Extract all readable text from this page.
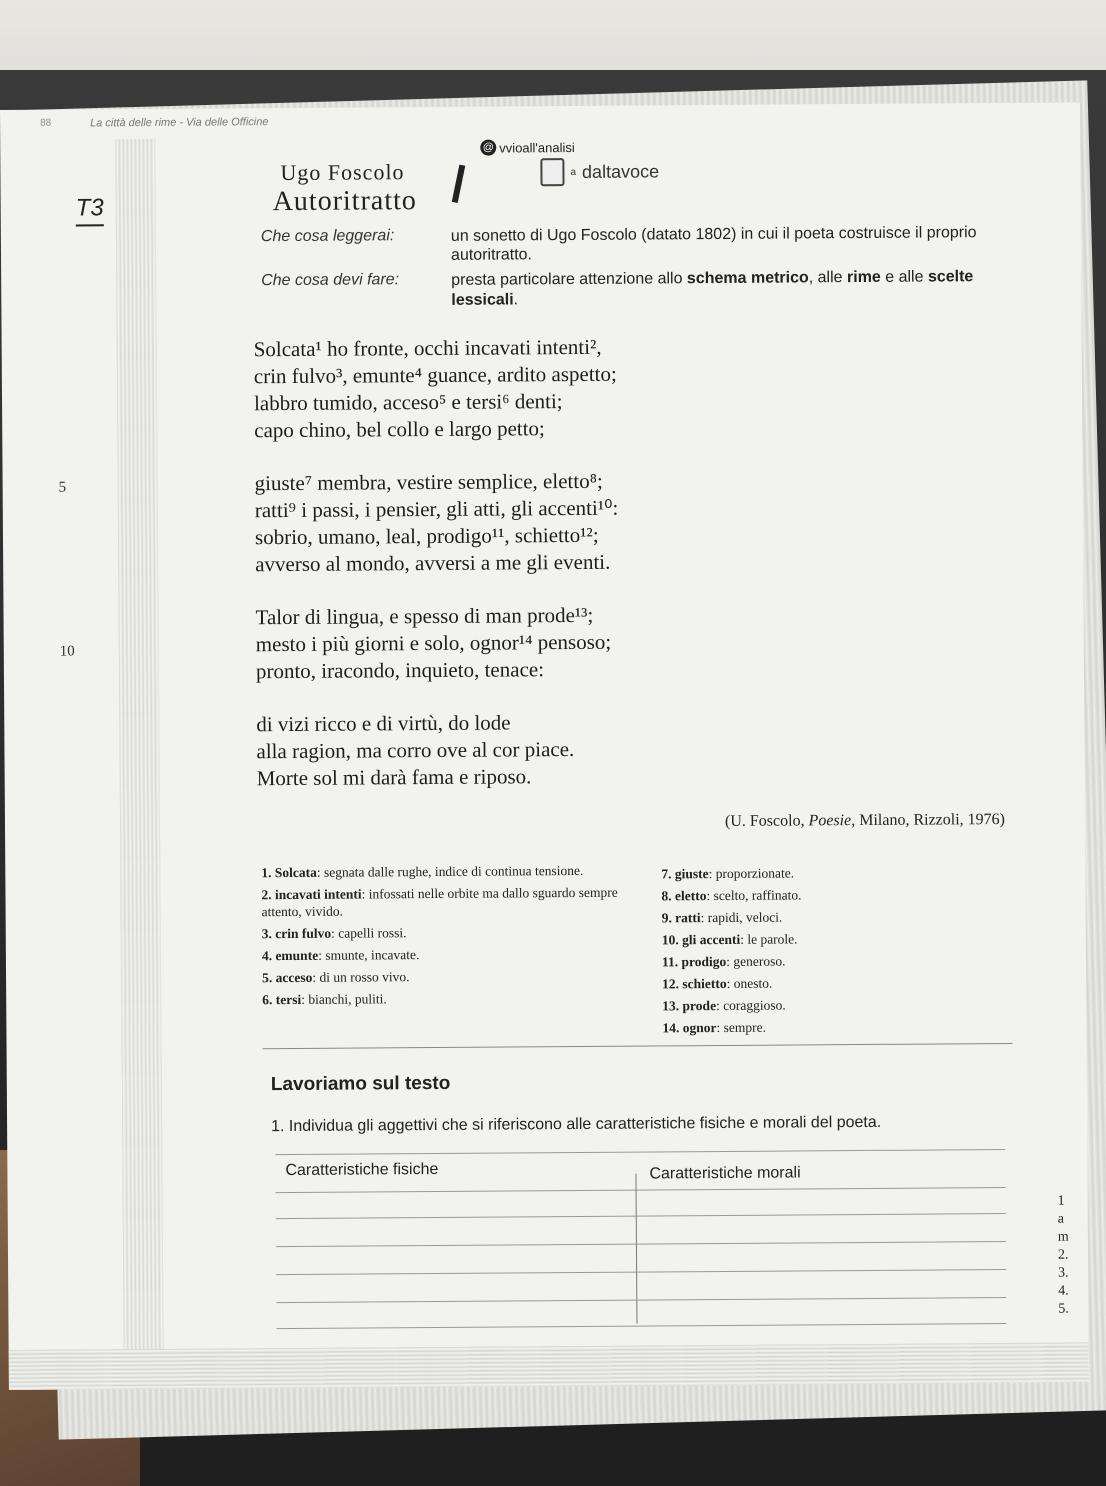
88	La città delle rime - Via delle Officine
@ vvioall'analisi
a daltavoce
Ugo Foscolo
Autoritratto
T3
Che cosa leggerai:	un sonetto di Ugo Foscolo (datato 1802) in cui il poeta costruisce il proprio autoritratto.
Che cosa devi fare:	presta particolare attenzione allo schema metrico, alle rime e alle scelte lessicali.
5
10
Solcata¹ ho fronte, occhi incavati intenti²,
crin fulvo³, emunte⁴ guance, ardito aspetto;
labbro tumido, acceso⁵ e tersi⁶ denti;
capo chino, bel collo e largo petto;
giuste⁷ membra, vestire semplice, eletto⁸;
ratti⁹ i passi, i pensier, gli atti, gli accenti¹⁰:
sobrio, umano, leal, prodigo¹¹, schietto¹²;
avverso al mondo, avversi a me gli eventi.
Talor di lingua, e spesso di man prode¹³;
mesto i più giorni e solo, ognor¹⁴ pensoso;
pronto, iracondo, inquieto, tenace:
di vizi ricco e di virtù, do lode
alla ragion, ma corro ove al cor piace.
Morte sol mi darà fama e riposo.
(U. Foscolo, Poesie, Milano, Rizzoli, 1976)
1. Solcata: segnata dalle rughe, indice di continua tensione.
2. incavati intenti: infossati nelle orbite ma dallo sguardo sempre attento, vivido.
3. crin fulvo: capelli rossi.
4. emunte: smunte, incavate.
5. acceso: di un rosso vivo.
6. tersi: bianchi, puliti.
7. giuste: proporzionate.
8. eletto: scelto, raffinato.
9. ratti: rapidi, veloci.
10. gli accenti: le parole.
11. prodigo: generoso.
12. schietto: onesto.
13. prode: coraggioso.
14. ognor: sempre.
Lavoriamo sul testo
1. Individua gli aggettivi che si riferiscono alle caratteristiche fisiche e morali del poeta.
Caratteristiche fisiche	Caratteristiche morali
1
a
m
2.
3.
4.
5.
